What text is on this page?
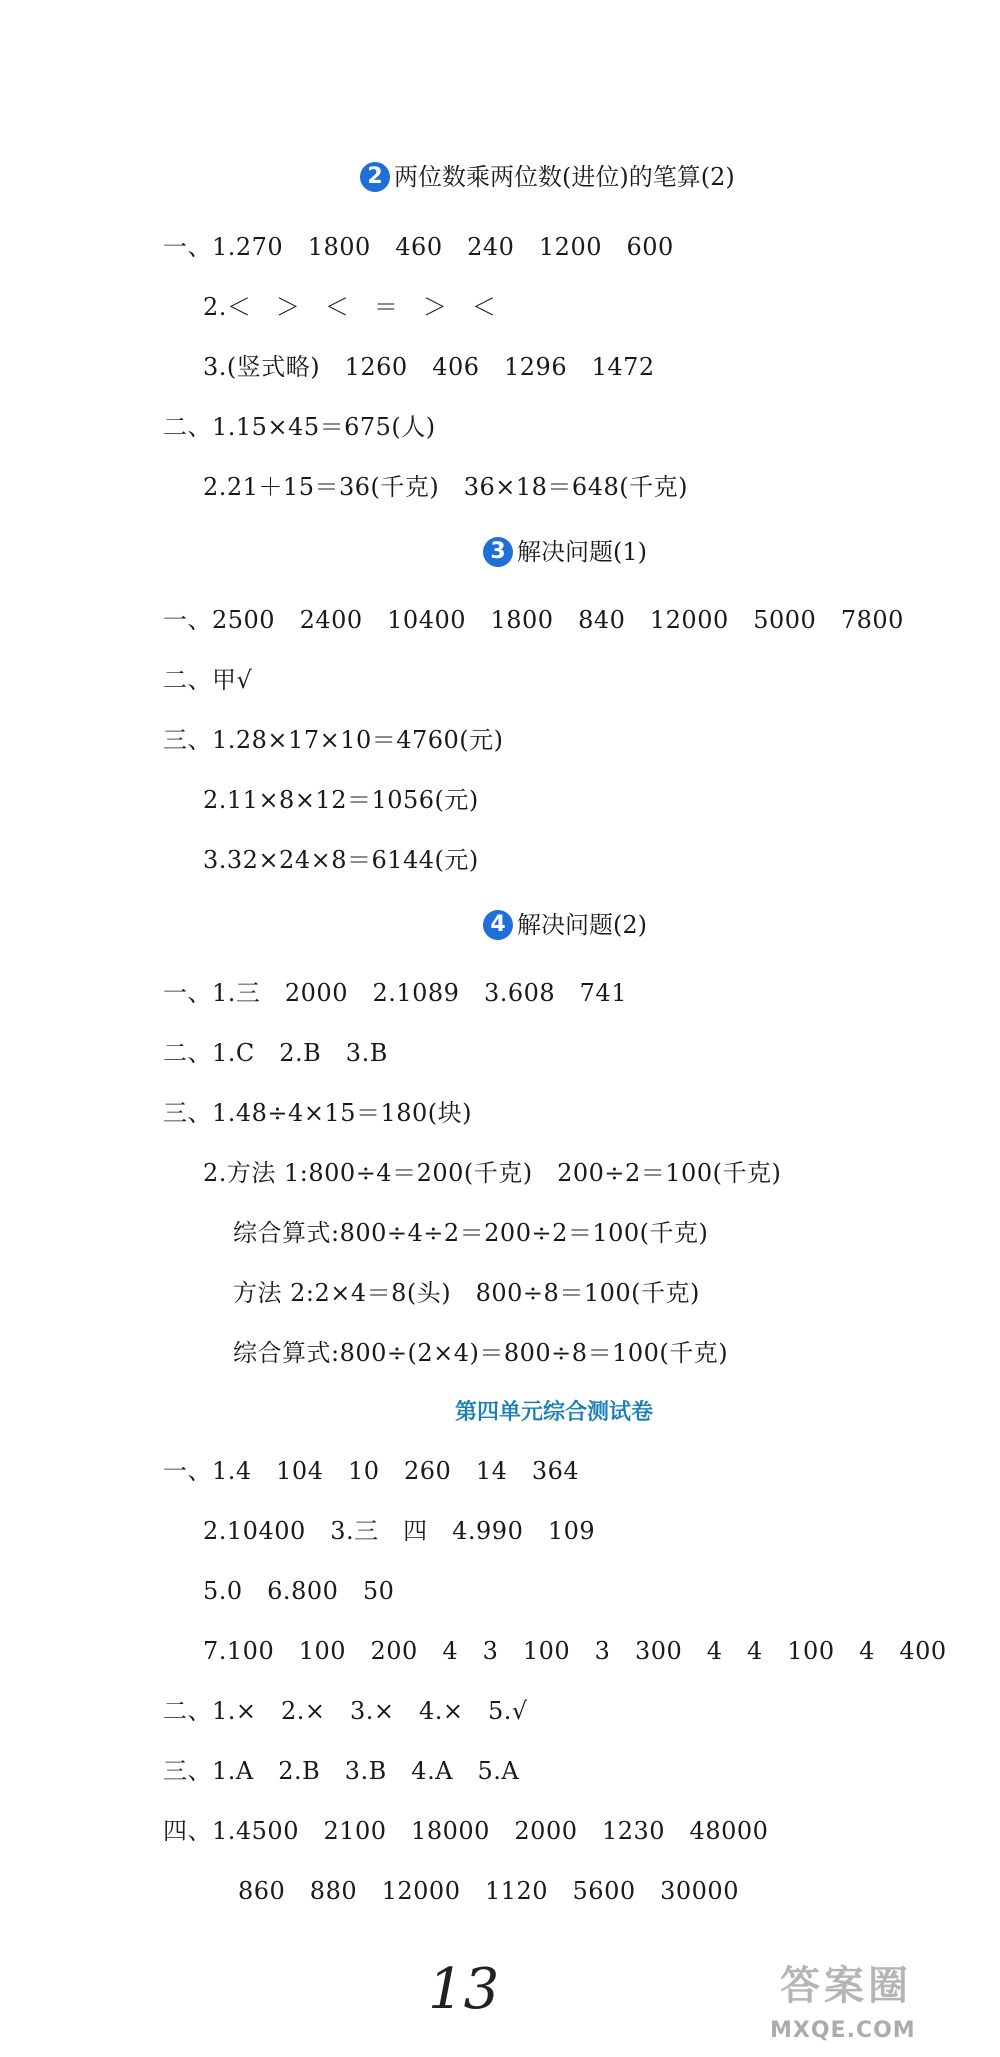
2 两位数乘两位数(进位)的笔算(2)
一、1.270　1800　460　240　1200　600
2.＜　＞　＜　＝　＞　＜
3.(竖式略)　1260　406　1296　1472
二、1.15×45＝675(人)
2.21＋15＝36(千克)　36×18＝648(千克)
3 解决问题(1)
一、2500　2400　10400　1800　840　12000　5000　7800
二、甲√
三、1.28×17×10＝4760(元)
2.11×8×12＝1056(元)
3.32×24×8＝6144(元)
4 解决问题(2)
一、1.三　2000　2.1089　3.608　741
二、1.C　2.B　3.B
三、1.48÷4×15＝180(块)
2.方法 1:800÷4＝200(千克)　200÷2＝100(千克)
综合算式:800÷4÷2＝200÷2＝100(千克)
方法 2:2×4＝8(头)　800÷8＝100(千克)
综合算式:800÷(2×4)＝800÷8＝100(千克)
第四单元综合测试卷
一、1.4　104　10　260　14　364
2.10400　3.三　四　4.990　109
5.0　6.800　50
7.100　100　200　4　3　100　3　300　4　4　100　4　400
二、1.×　2.×　3.×　4.×　5.√
三、1.A　2.B　3.B　4.A　5.A
四、1.4500　2100　18000　2000　1230　48000
860　880　12000　1120　5600　30000
13	答案圈
MXQE.COM
